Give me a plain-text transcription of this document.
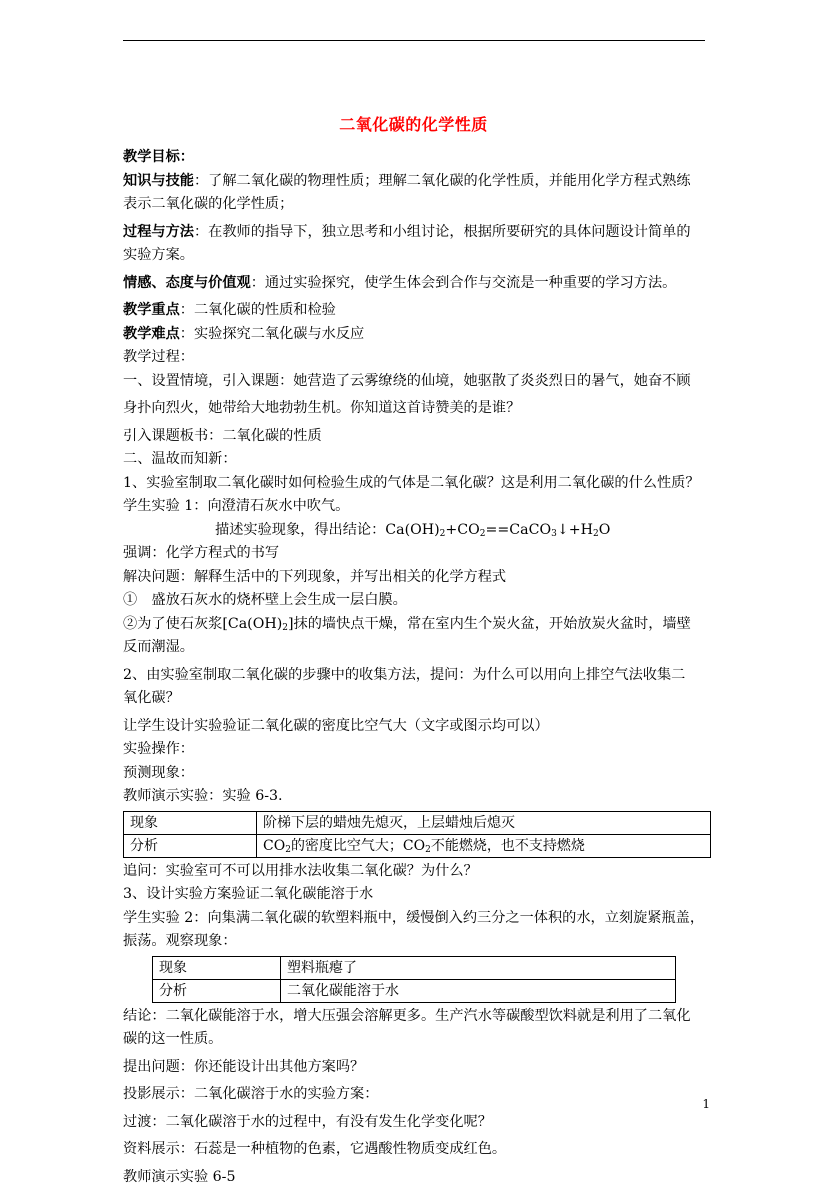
二氧化碳的化学性质
教学目标：
知识与技能：了解二氧化碳的物理性质；理解二氧化碳的化学性质，并能用化学方程式熟练
表示二氧化碳的化学性质；
过程与方法：在教师的指导下，独立思考和小组讨论，根据所要研究的具体问题设计简单的
实验方案。
情感、态度与价值观：通过实验探究，使学生体会到合作与交流是一种重要的学习方法。
教学重点：二氧化碳的性质和检验
教学难点：实验探究二氧化碳与水反应
教学过程：
一、设置情境，引入课题：她营造了云雾缭绕的仙境，她驱散了炎炎烈日的暑气，她奋不顾
身扑向烈火，她带给大地勃勃生机。你知道这首诗赞美的是谁？
引入课题板书：二氧化碳的性质
二、温故而知新：
1、实验室制取二氧化碳时如何检验生成的气体是二氧化碳？这是利用二氧化碳的什么性质？
学生实验 1：向澄清石灰水中吹气。
描述实验现象，得出结论：$Ca(OH)_2+CO_2==CaCO_3↓+H_2O$
强调：化学方程式的书写
解决问题：解释生活中的下列现象，并写出相关的化学方程式
①　盛放石灰水的烧杯壁上会生成一层白膜。
②为了使石灰浆$[Ca(OH)_2]$抹的墙快点干燥，常在室内生个炭火盆，开始放炭火盆时，墙壁
反而潮湿。
2、由实验室制取二氧化碳的步骤中的收集方法，提问：为什么可以用向上排空气法收集二
氧化碳？
让学生设计实验验证二氧化碳的密度比空气大（文字或图示均可以）
实验操作：
预测现象：
教师演示实验：实验 6-3.
现象	阶梯下层的蜡烛先熄灭，上层蜡烛后熄灭
分析	$CO_2$的密度比空气大；$CO_2$不能燃烧，也不支持燃烧
追问：实验室可不可以用排水法收集二氧化碳？为什么？
3、设计实验方案验证二氧化碳能溶于水
学生实验 2：向集满二氧化碳的软塑料瓶中，缓慢倒入约三分之一体积的水，立刻旋紧瓶盖，
振荡。观察现象：
现象	塑料瓶瘪了
分析	二氧化碳能溶于水
结论：二氧化碳能溶于水，增大压强会溶解更多。生产汽水等碳酸型饮料就是利用了二氧化
碳的这一性质。
提出问题：你还能设计出其他方案吗？
投影展示：二氧化碳溶于水的实验方案：
过渡：二氧化碳溶于水的过程中，有没有发生化学变化呢？
资料展示：石蕊是一种植物的色素，它遇酸性物质变成红色。
教师演示实验 6-5
1
